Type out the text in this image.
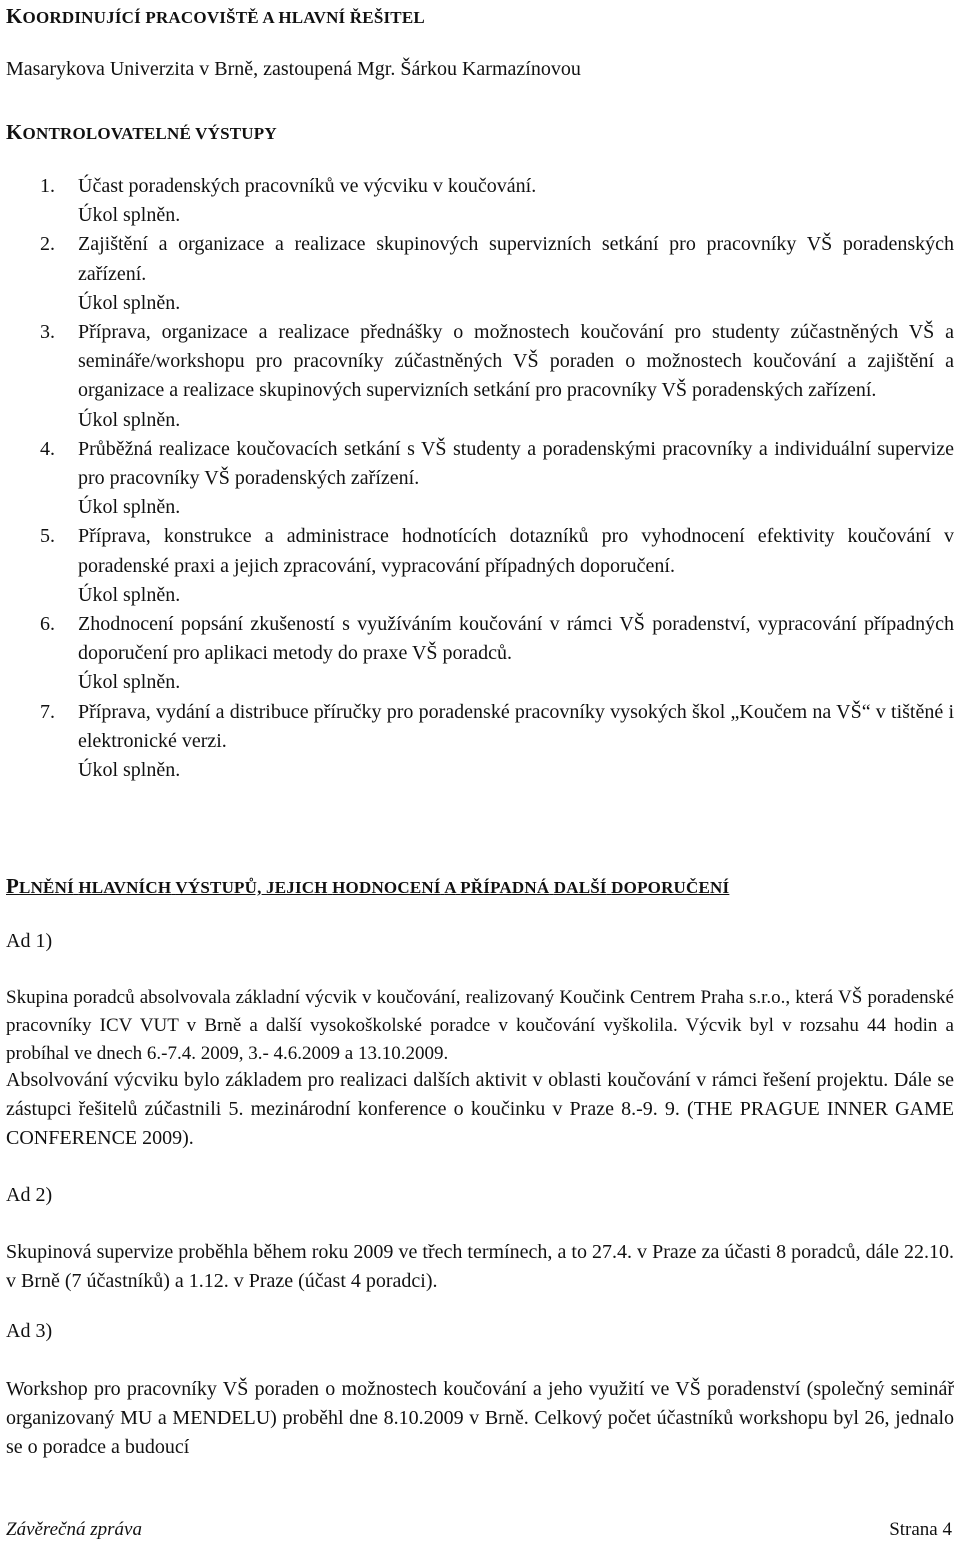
KOORDINUJÍCÍ PRACOVIŠTĚ A HLAVNÍ ŘEŠITEL
Masarykova Univerzita v Brně, zastoupená Mgr. Šárkou Karmazínovou
KONTROLOVATELNÉ VÝSTUPY
1. Účast poradenských pracovníků ve výcviku v koučování.
Úkol splněn.
2. Zajištění a organizace a realizace skupinových supervizních setkání pro pracovníky VŠ poradenských zařízení.
Úkol splněn.
3. Příprava, organizace a realizace přednášky o možnostech koučování pro studenty zúčastněných VŠ a semináře/workshopu pro pracovníky zúčastněných VŠ poraden o možnostech koučování a zajištění a organizace a realizace skupinových supervizních setkání pro pracovníky VŠ poradenských zařízení.
Úkol splněn.
4. Průběžná realizace koučovacích setkání s VŠ studenty a poradenskými pracovníky a individuální supervize pro pracovníky VŠ poradenských zařízení.
Úkol splněn.
5. Příprava, konstrukce a administrace hodnotících dotazníků pro vyhodnocení efektivity koučování v poradenské praxi a jejich zpracování, vypracování případných doporučení.
Úkol splněn.
6. Zhodnocení popsání zkušeností s využíváním koučování v rámci VŠ poradenství, vypracování případných doporučení pro aplikaci metody do praxe VŠ poradců.
Úkol splněn.
7. Příprava, vydání a distribuce příručky pro poradenské pracovníky vysokých škol „Koučem na VŠ“ v tištěné i elektronické verzi.
Úkol splněn.
PLNĚNÍ HLAVNÍCH VÝSTUPŮ, JEJICH HODNOCENÍ A PŘÍPADNÁ DALŠÍ DOPORUČENÍ
Ad 1)

Skupina poradců absolvovala základní výcvik v koučování, realizovaný Koučink Centrem Praha s.r.o., která VŠ poradenské pracovníky ICV VUT v Brně a další vysokoškolské poradce v koučování vyškolila. Výcvik byl v rozsahu 44 hodin a probíhal ve dnech 6.-7.4. 2009, 3.- 4.6.2009 a 13.10.2009.

Absolvování výcviku bylo základem pro realizaci dalších aktivit v oblasti koučování v rámci řešení projektu. Dále se zástupci řešitelů zúčastnili 5. mezinárodní konference o koučinku v Praze 8.-9. 9. (THE PRAGUE INNER GAME CONFERENCE 2009).

Ad 2)

Skupinová supervize proběhla během roku 2009 ve třech termínech, a to 27.4. v Praze za účasti 8 poradců, dále 22.10. v Brně (7 účastníků) a 1.12. v Praze (účast 4 poradci).

Ad 3)

Workshop pro pracovníky VŠ poraden o možnostech koučování a jeho využití ve VŠ poradenství (společný seminář organizovaný MU a MENDELU) proběhl dne 8.10.2009 v Brně. Celkový počet účastníků workshopu byl 26, jednalo se o poradce a budoucí

Závěrečná zpráva	Strana 4
